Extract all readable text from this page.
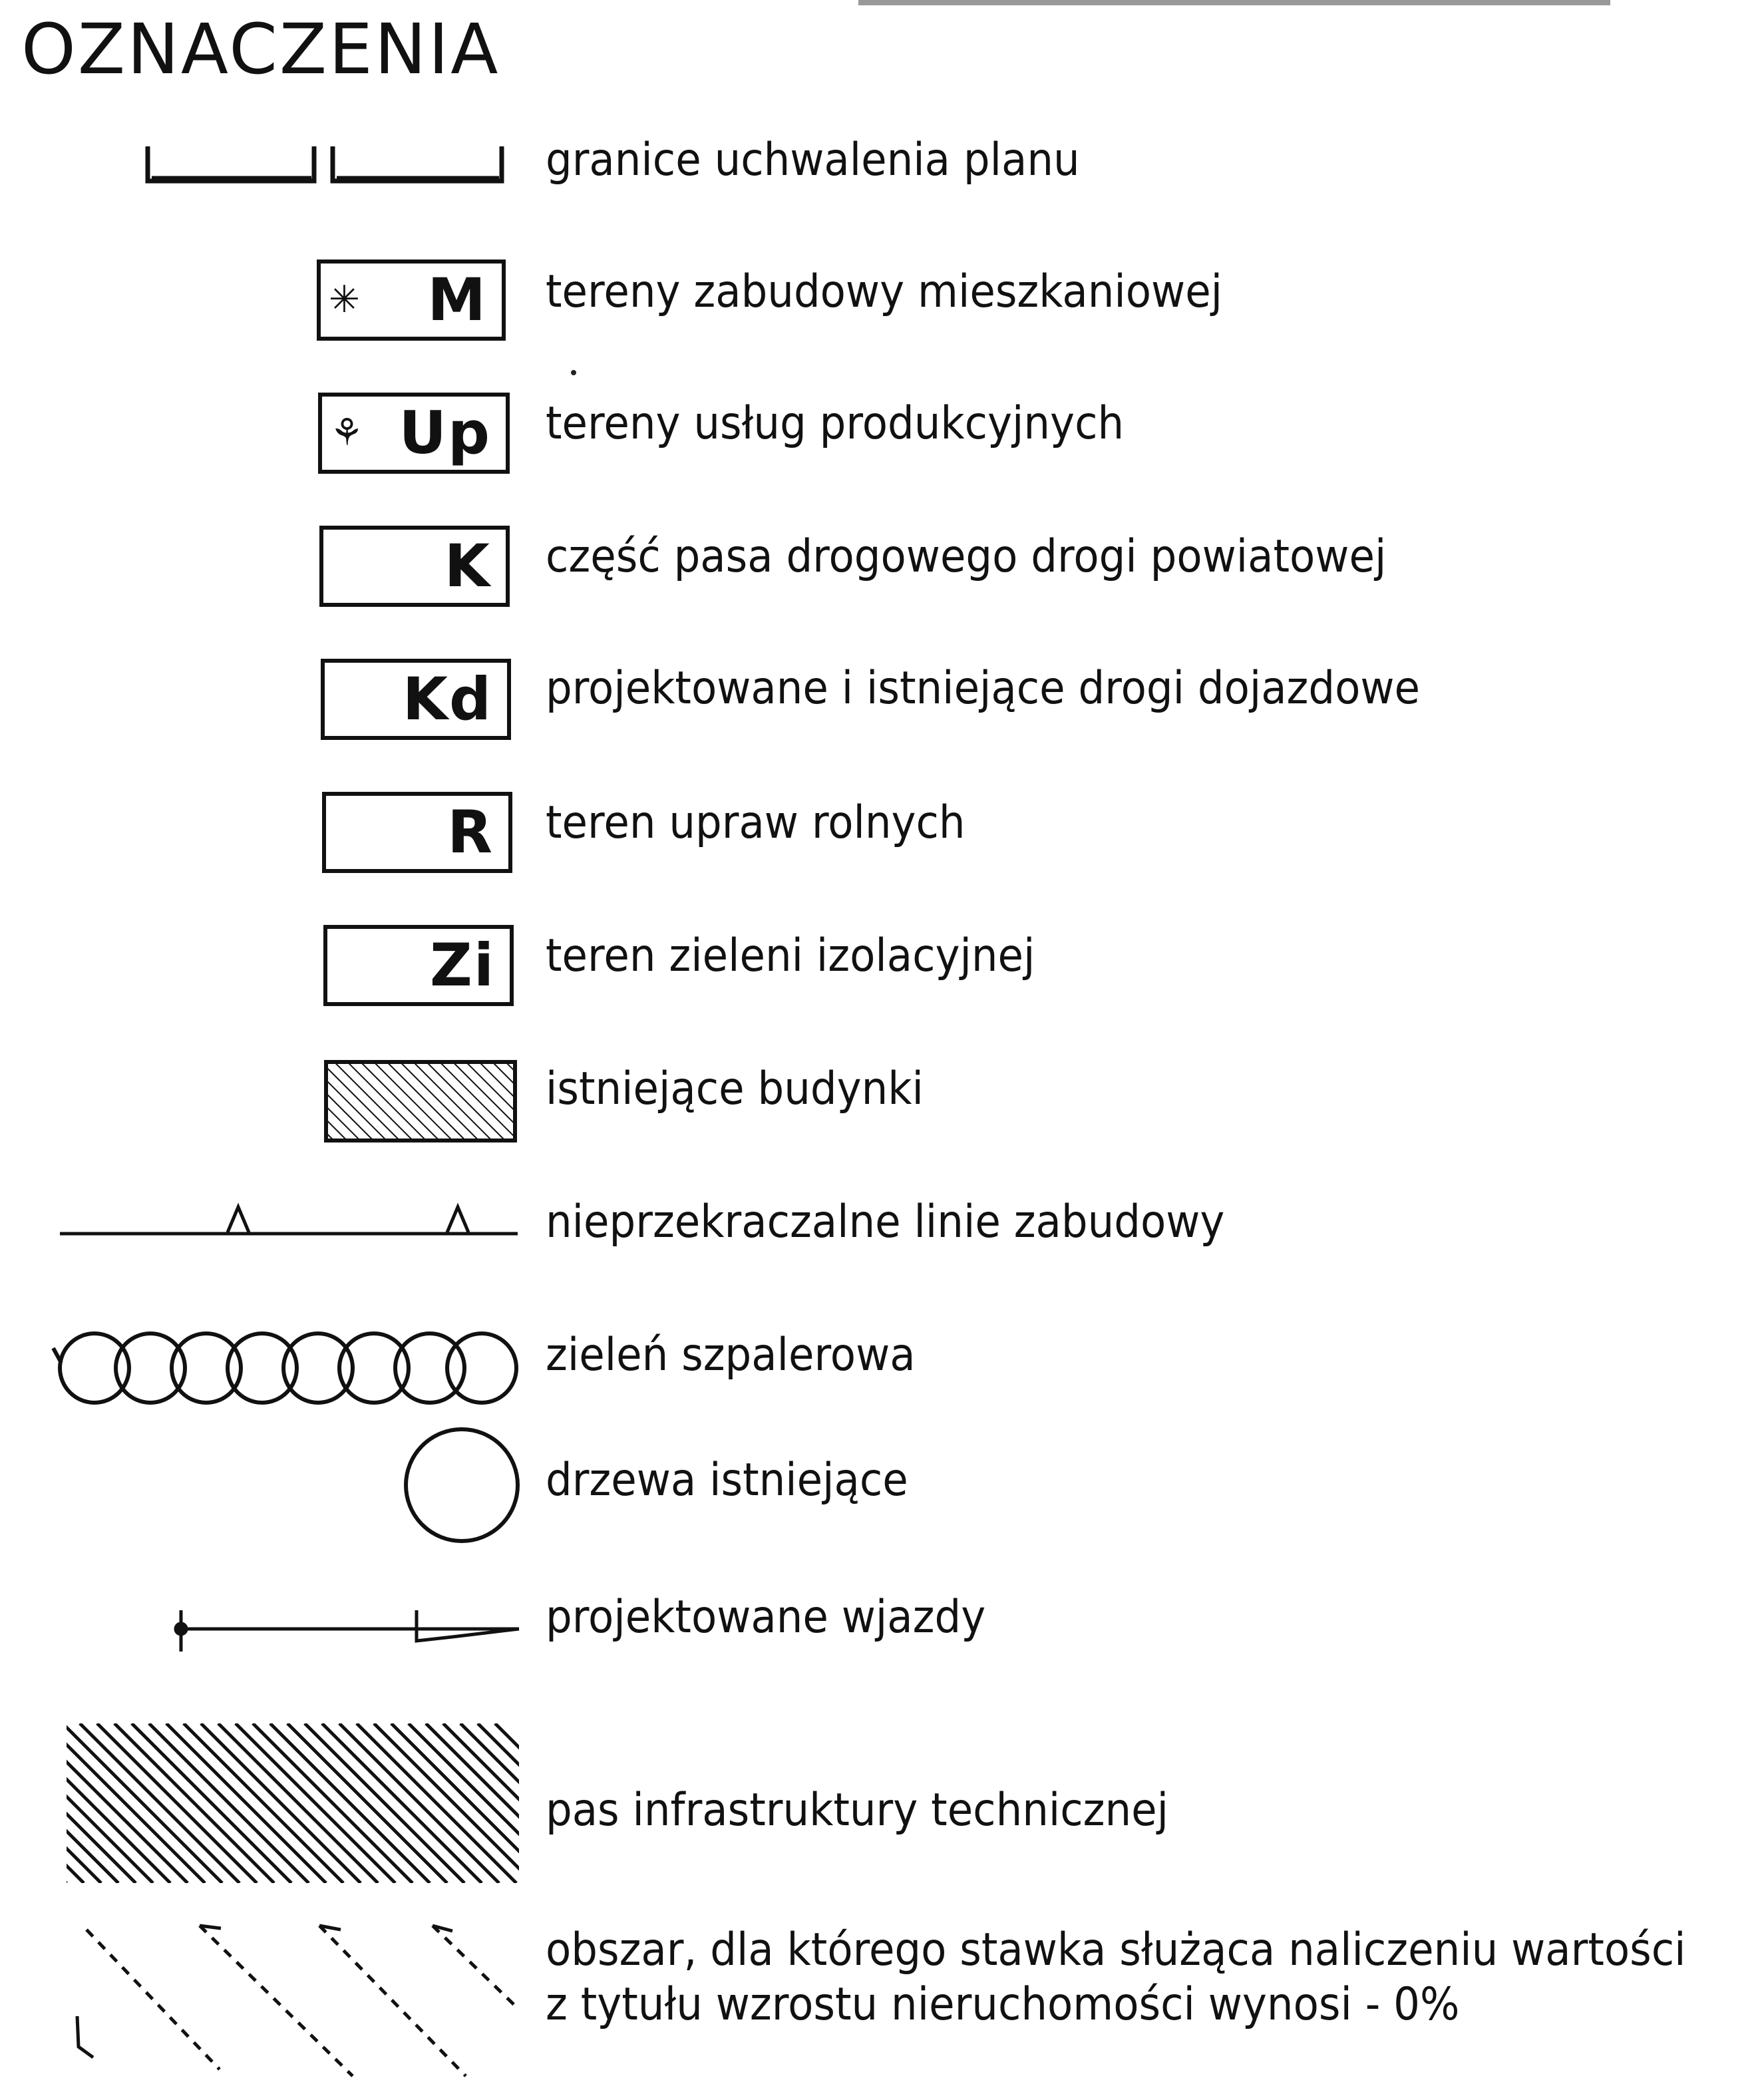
OZNACZENIA
granice uchwalenia planu
✳ M tereny zabudowy mieszkaniowej
⚘ Up tereny usług produkcyjnych
K część pasa drogowego drogi powiatowej
Kd projektowane i istniejące drogi dojazdowe
R teren upraw rolnych
Zi teren zieleni izolacyjnej
istniejące budynki
nieprzekraczalne linie zabudowy
zieleń szpalerowa
drzewa istniejące
projektowane wjazdy
pas infrastruktury technicznej
obszar, dla którego stawka służąca naliczeniu wartości
z tytułu wzrostu nieruchomości wynosi - 0%
